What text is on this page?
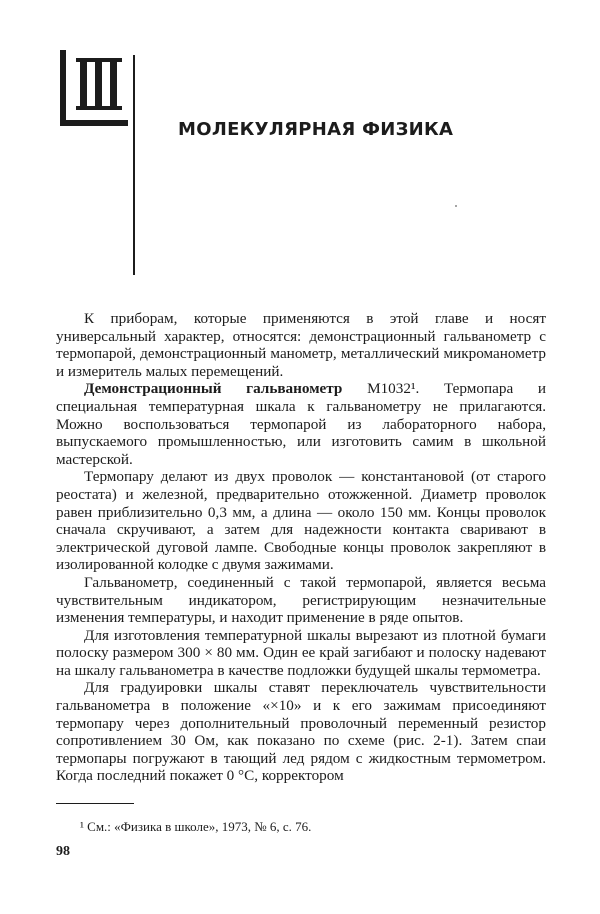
МОЛЕКУЛЯРНАЯ ФИЗИКА

К приборам, которые применяются в этой главе и носят универсальный характер, относятся: демонстрационный гальванометр с термопарой, демонстрационный манометр, металлический микроманометр и измеритель малых перемещений.

Демонстрационный гальванометр М1032¹. Термопара и специальная температурная шкала к гальванометру не прилагаются. Можно воспользоваться термопарой из лабораторного набора, выпускаемого промышленностью, или изготовить самим в школьной мастерской.

Термопару делают из двух проволок — константановой (от старого реостата) и железной, предварительно отожженной. Диаметр проволок равен приблизительно 0,3 мм, а длина — около 150 мм. Концы проволок сначала скручивают, а затем для надежности контакта сваривают в электрической дуговой лампе. Свободные концы проволок закрепляют в изолированной колодке с двумя зажимами.

Гальванометр, соединенный с такой термопарой, является весьма чувствительным индикатором, регистрирующим незначительные изменения температуры, и находит применение в ряде опытов.

Для изготовления температурной шкалы вырезают из плотной бумаги полоску размером 300 × 80 мм. Один ее край загибают и полоску надевают на шкалу гальванометра в качестве подложки будущей шкалы термометра.

Для градуировки шкалы ставят переключатель чувствительности гальванометра в положение «×10» и к его зажимам присоединяют термопару через дополнительный проволочный переменный резистор сопротивлением 30 Ом, как показано по схеме (рис. 2-1). Затем спаи термопары погружают в тающий лед рядом с жидкостным термометром. Когда последний покажет 0 °С, корректором

¹ См.: «Физика в школе», 1973, № 6, с. 76.
98
